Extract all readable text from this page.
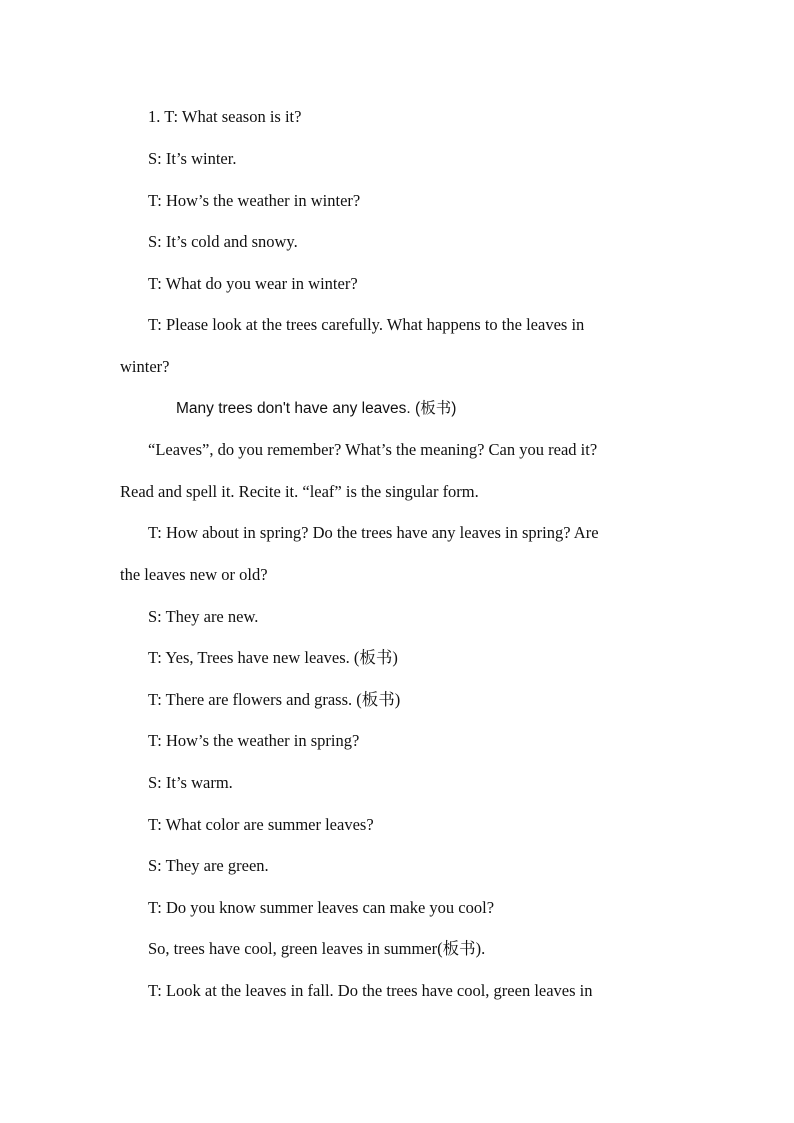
1. T: What season is it?
S: It’s winter.
T: How’s the weather in winter?
S: It’s cold and snowy.
T: What do you wear in winter?
T: Please look at the trees carefully. What happens to the leaves in
winter?
Many trees don't have any leaves. (板书)
“Leaves”, do you remember? What’s the meaning? Can you read it?
Read and spell it. Recite it. “leaf” is the singular form.
T: How about in spring? Do the trees have any leaves in spring? Are
the leaves new or old?
S: They are new.
T: Yes, Trees have new leaves. (板书)
T: There are flowers and grass. (板书)
T: How’s the weather in spring?
S: It’s warm.
T: What color are summer leaves?
S: They are green.
T: Do you know summer leaves can make you cool?
So, trees have cool, green leaves in summer(板书).
T: Look at the leaves in fall. Do the trees have cool, green leaves in
